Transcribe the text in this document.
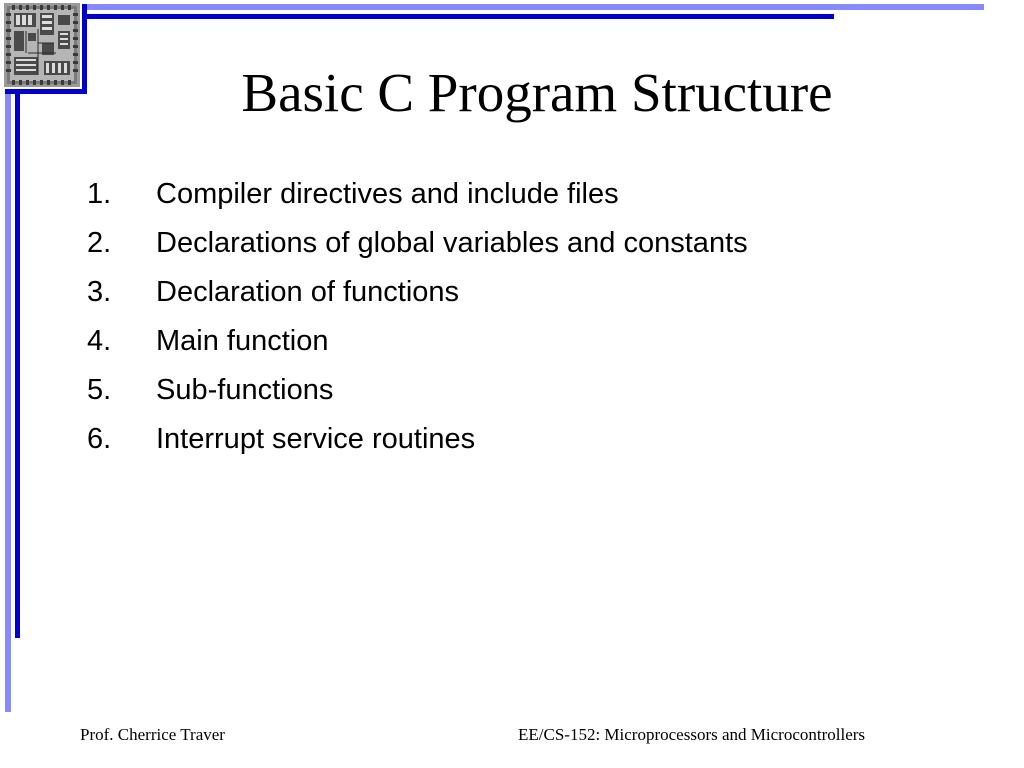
Basic C Program Structure
1. Compiler directives and include files
2. Declarations of global variables and constants
3. Declaration of functions
4. Main function
5. Sub-functions
6. Interrupt service routines
Prof. Cherrice Traver	EE/CS-152: Microprocessors and Microcontrollers
